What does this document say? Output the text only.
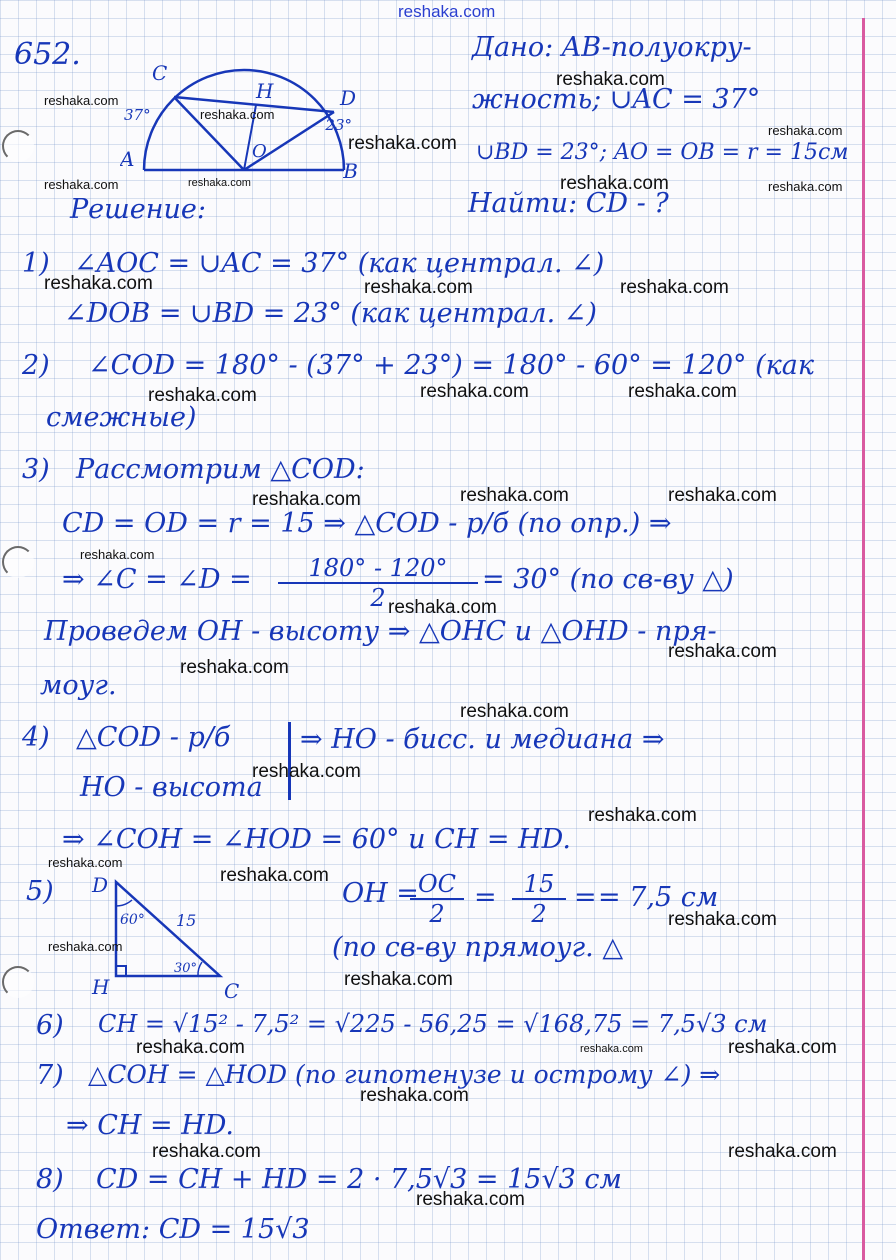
reshaka.com
652.
A	B
C
D
H
O
37°
23°
Дано: AB-полуокру-
жность; ∪AC = 37°
∪BD = 23°; AO = OB = r = 15см
Найти: CD - ?
Решение:
1) ∠AOC = ∪AC = 37° (как централ. ∠)
∠DOB = ∪BD = 23° (как централ. ∠)
2) ∠COD = 180° - (37° + 23°) = 180° - 60° = 120° (как
смежные)
3) Рассмотрим △COD:
CD = OD = r = 15 ⇒ △COD - р/б (по опр.) ⇒
⇒ ∠C = ∠D = $\frac{180^\circ - 120^\circ}{2} = 30^\circ$ (по св-ву △)
Проведем OH - высоту ⇒ △OHC и △OHD - пря-
моуг.
4) △COD - р/б
HO - высота
⇒ HO - бисс. и медиана ⇒
⇒ ∠COH = ∠HOD = 60° и CH = HD.
5) D
H	C
60°
30°
15
OH =
$\frac{OC}{2} = \frac{15}{2}$ = = 7,5 см
(по св-ву прямоуг. △
6) CH = √15² - 7,5² = √225 - 56,25 = √168,75 = 7,5√3 см
7) △COH = △HOD (по гипотенузе и острому ∠) ⇒
⇒ CH = HD.
8) CD = CH + HD = 2 · 7,5√3 = 15√3 см
Ответ: CD = 15√3
reshaka.com
reshaka.com
reshaka.com
reshaka.com
reshaka.com
reshaka.com	reshaka.com	reshaka.com	reshaka.com
reshaka.com	reshaka.com	reshaka.com
reshaka.com	reshaka.com	reshaka.com
reshaka.com
reshaka.com	reshaka.com
reshaka.com
reshaka.com
reshaka.com
reshaka.com
reshaka.com
reshaka.com
reshaka.com
reshaka.com
reshaka.com
reshaka.com
reshaka.com
reshaka.com
reshaka.com	reshaka.com	reshaka.com
reshaka.com
reshaka.com	reshaka.com
reshaka.com
